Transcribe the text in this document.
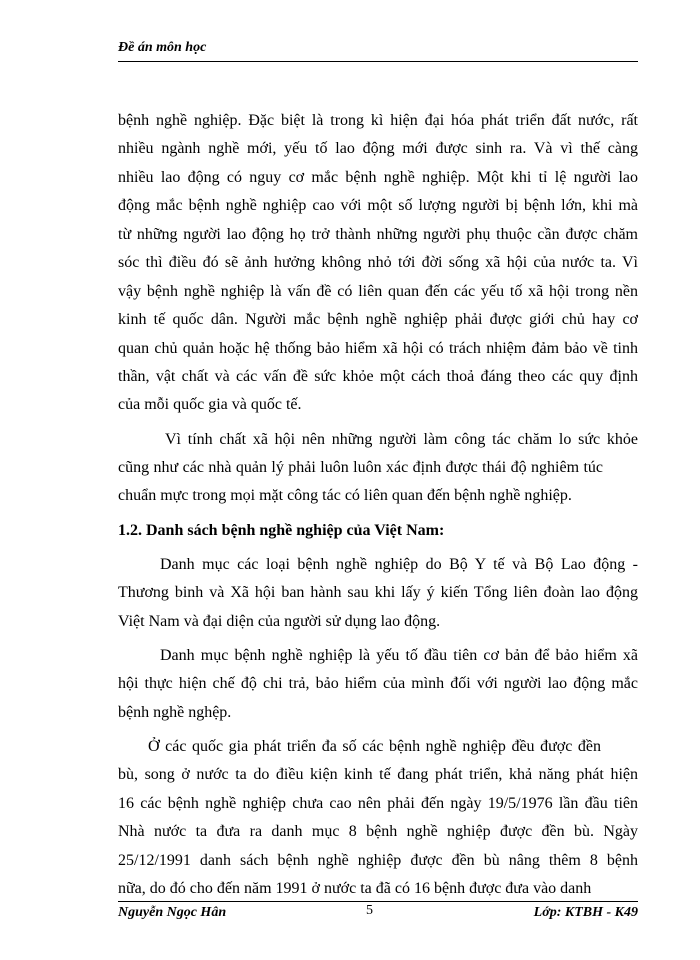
Đề án môn học
bệnh nghề nghiệp. Đặc biệt là trong kì hiện đại hóa phát triển đất nước, rất
nhiều ngành nghề mới, yếu tố lao động mới được sinh ra. Và vì thế càng
nhiều lao động có nguy cơ mắc bệnh nghề nghiệp. Một khi tỉ lệ người lao
động mắc bệnh nghề nghiệp cao với một số lượng người bị bệnh lớn, khi mà
từ những người lao động họ trở thành những người phụ thuộc cần được chăm
sóc thì điều đó sẽ ảnh hưởng không nhỏ tới đời sống xã hội của nước ta. Vì
vậy bệnh nghề nghiệp là vấn đề có liên quan đến các yếu tố xã hội trong nền
kinh tế quốc dân. Người mắc bệnh nghề nghiệp phải được giới chủ hay cơ
quan chủ quản hoặc hệ thống bảo hiểm xã hội có trách nhiệm đảm bảo về tinh
thần, vật chất và các vấn đề sức khỏe một cách thoả đáng theo các quy định
của mỗi quốc gia và quốc tế.
Vì tính chất xã hội nên những người làm công tác chăm lo sức khỏe
cũng như các nhà quản lý phải luôn luôn xác định được thái độ nghiêm túc
chuẩn mực trong mọi mặt công tác có liên quan đến bệnh nghề nghiệp.
1.2. Danh sách bệnh nghề nghiệp của Việt Nam:
Danh mục các loại bệnh nghề nghiệp do Bộ Y tế và Bộ Lao động -
Thương binh và Xã hội ban hành sau khi lấy ý kiến Tổng liên đoàn lao động
Việt Nam và đại diện của người sử dụng lao động.
Danh mục bệnh nghề nghiệp là yếu tố đầu tiên cơ bản để bảo hiểm xã
hội thực hiện chế độ chi trả, bảo hiểm của mình đối với người lao động mắc
bệnh nghề nghệp.
Ở các quốc gia phát triển đa số các bệnh nghề nghiệp đều được đền
bù, song ở nước ta do điều kiện kinh tế đang phát triển, khả năng phát hiện
16 các bệnh nghề nghiệp chưa cao nên phải đến ngày 19/5/1976 lần đầu tiên
Nhà nước ta đưa ra danh mục 8 bệnh nghề nghiệp được đền bù. Ngày
25/12/1991 danh sách bệnh nghề nghiệp được đền bù nâng thêm 8 bệnh
nữa, do đó cho đến năm 1991 ở nước ta đã có 16 bệnh được đưa vào danh
Nguyễn Ngọc Hân	5	Lớp: KTBH - K49
